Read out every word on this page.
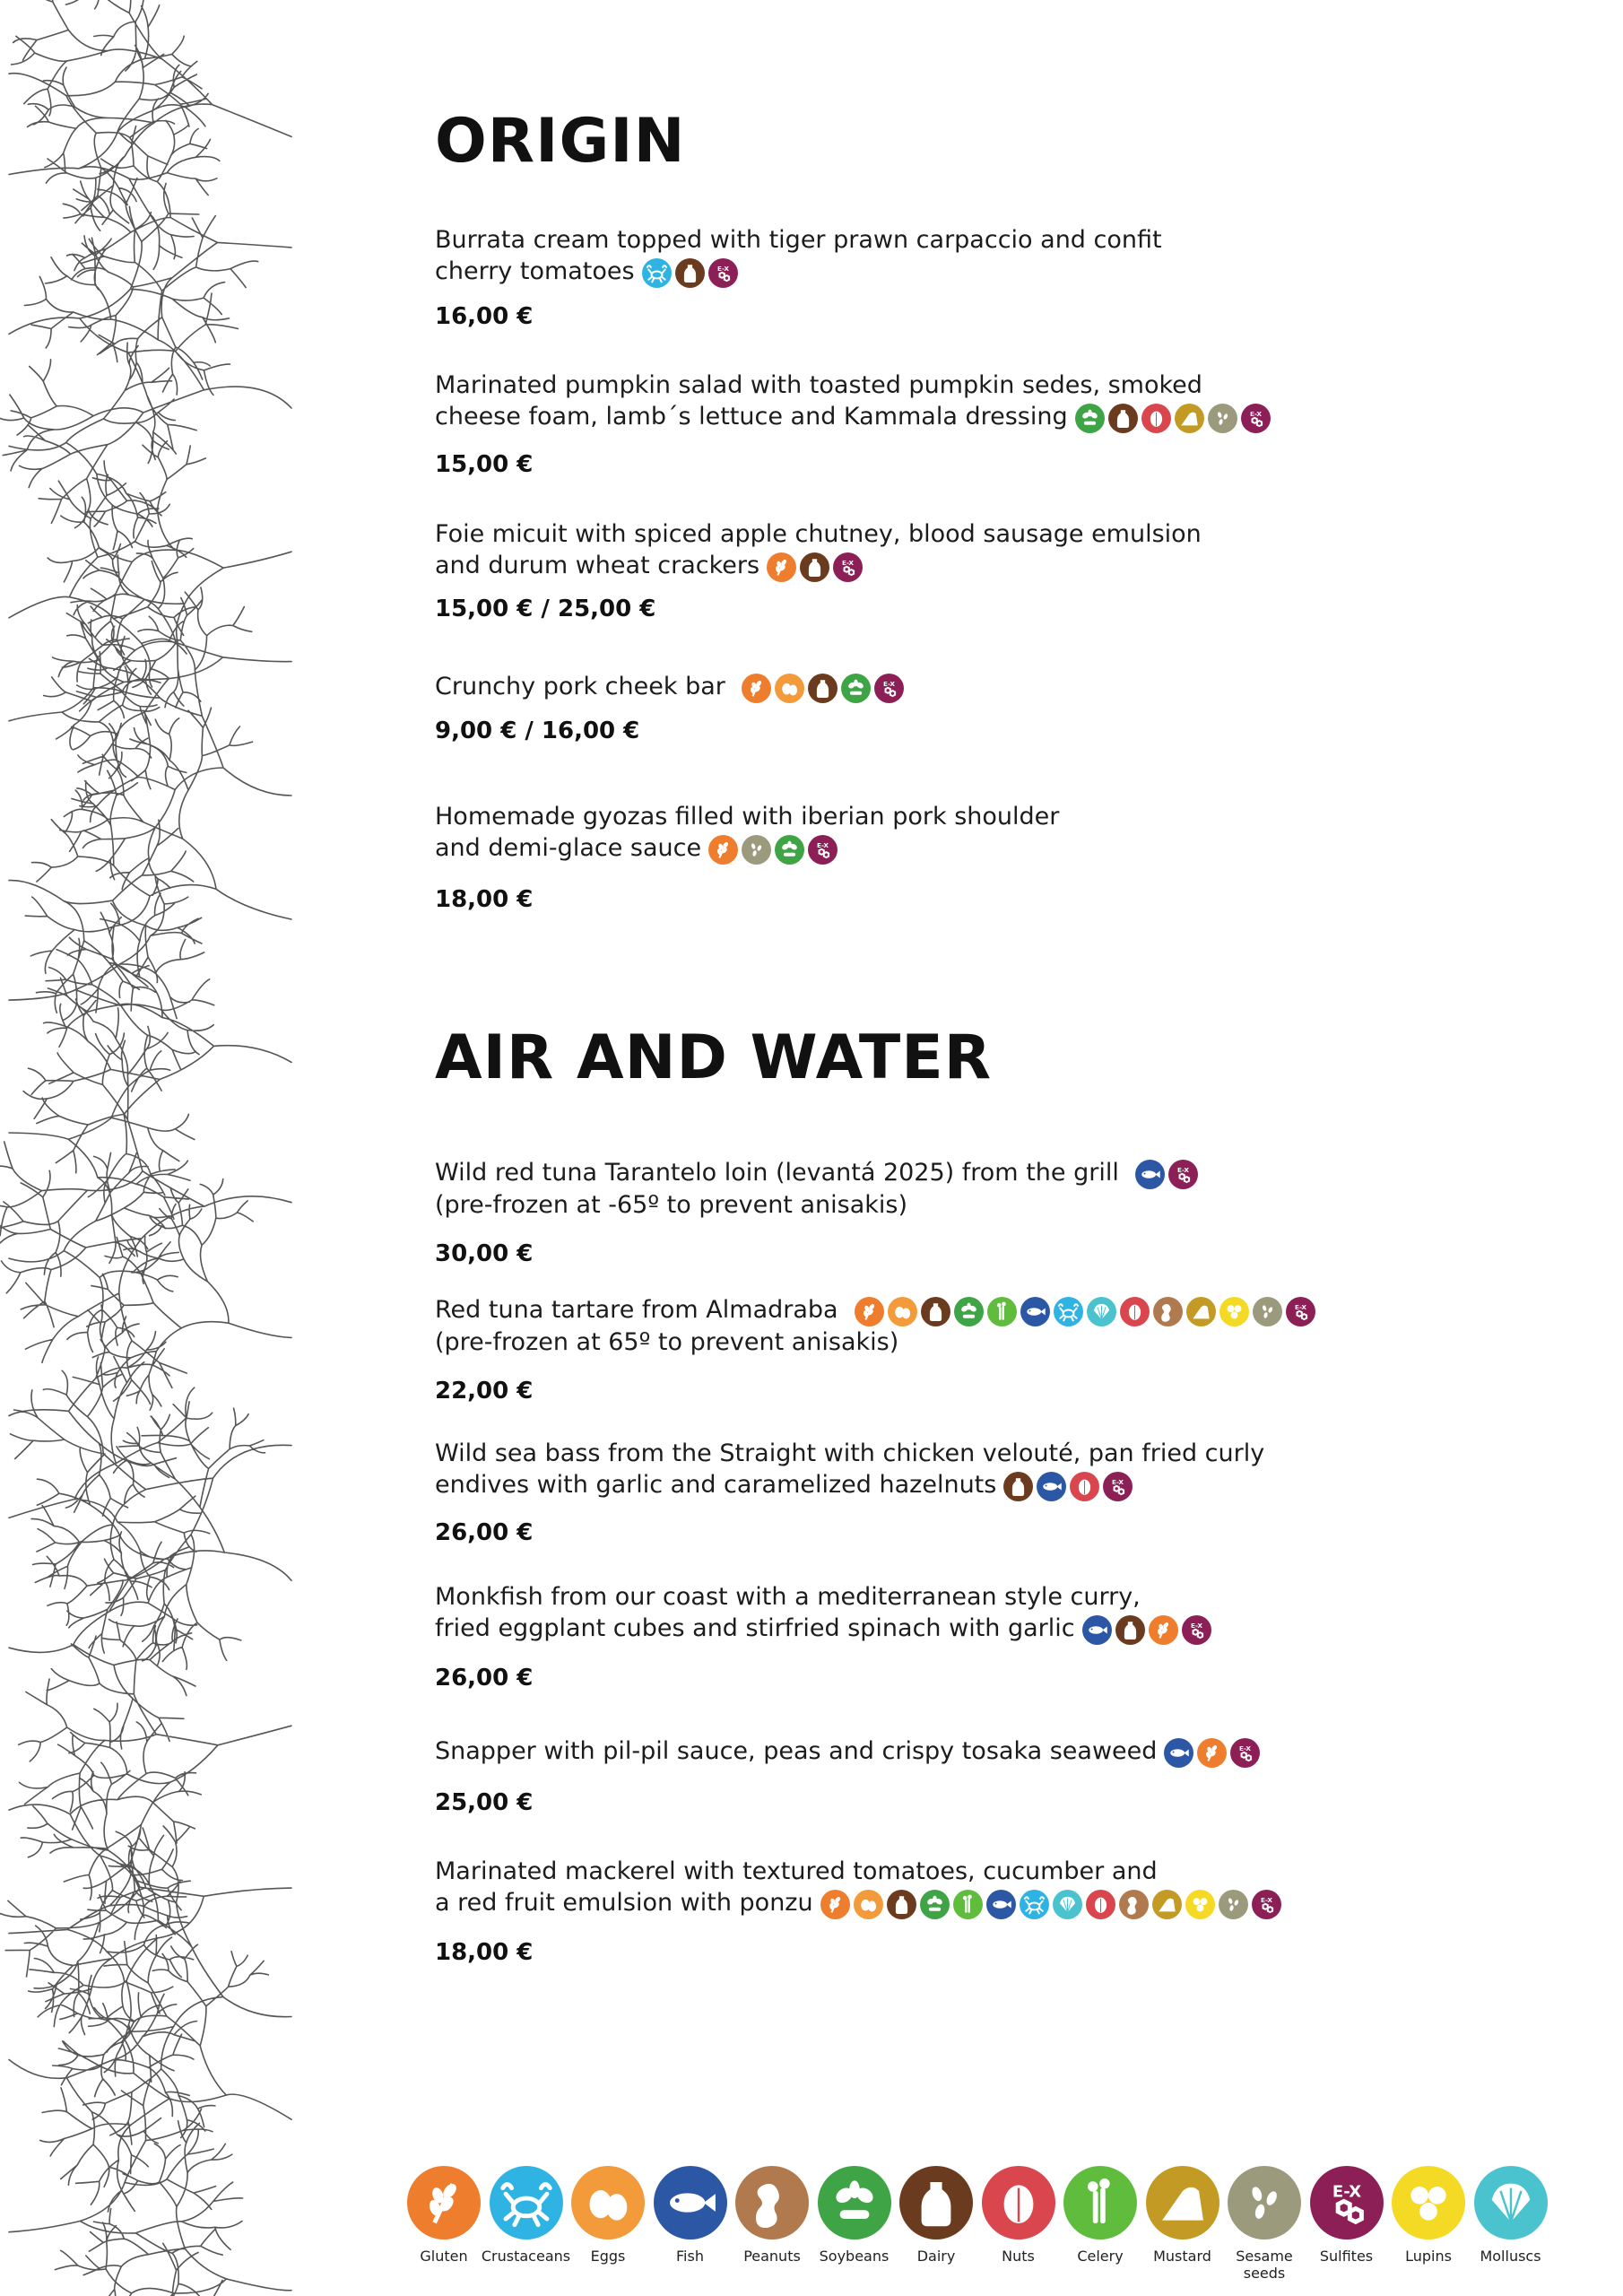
ORIGIN
Burrata cream topped with tiger prawn carpaccio and confit
cherry tomatoes	E-X
16,00 €
Marinated pumpkin salad with toasted pumpkin sedes, smoked
cheese foam, lamb´s lettuce and Kammala dressing	E-X
15,00 €
Foie micuit with spiced apple chutney, blood sausage emulsion
and durum wheat crackers	E-X
15,00 € / 25,00 €
Crunchy pork cheek bar	E-X
9,00 € / 16,00 €
Homemade gyozas filled with iberian pork shoulder
and demi-glace sauce	E-X
18,00 €
AIR AND WATER
Wild red tuna Tarantelo loin (levantá 2025) from the grill	E-X
(pre-frozen at -65º to prevent anisakis)
30,00 €
Red tuna tartare from Almadraba	E-X
(pre-frozen at 65º to prevent anisakis)
22,00 €
Wild sea bass from the Straight with chicken velouté, pan fried curly
endives with garlic and caramelized hazelnuts	E-X
26,00 €
Monkfish from our coast with a mediterranean style curry,
fried eggplant cubes and stirfried spinach with garlic	E-X
26,00 €
Snapper with pil-pil sauce, peas and crispy tosaka seaweed	E-X
25,00 €
Marinated mackerel with textured tomatoes, cucumber and
a red fruit emulsion with ponzu	E-X
18,00 €
Gluten Crustaceans	Eggs	Fish	Peanuts	Soybeans	Dairy	Nuts	Celery	Mustard	Sesame seeds
E-X
Sulfites	Lupins	Molluscs
